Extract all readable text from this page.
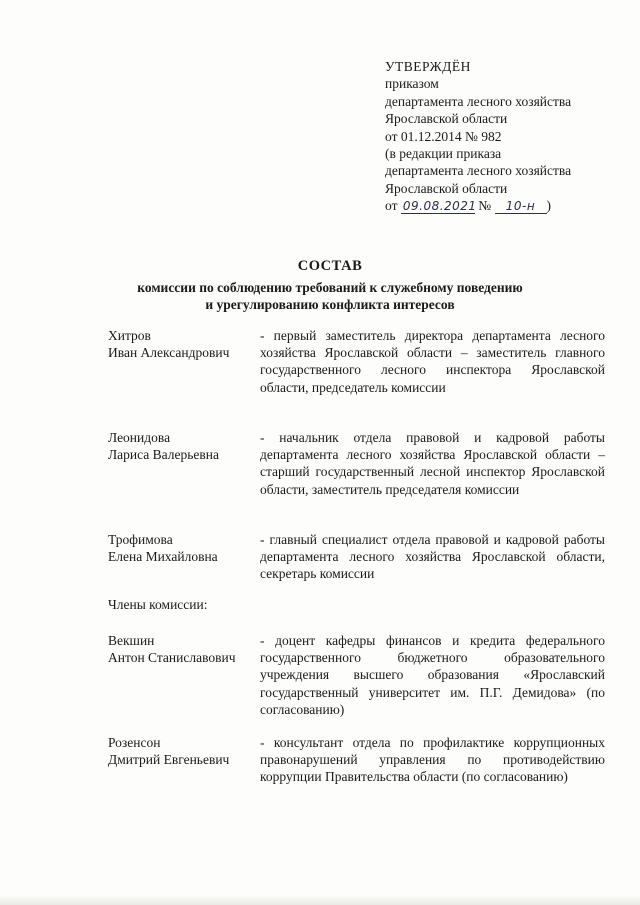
УТВЕРЖДЁН
приказом
департамента лесного хозяйства
Ярославской области
от 01.12.2014 № 982
(в редакции приказа
департамента лесного хозяйства
Ярославской области
от 09.08.2021 № 10-н )
СОСТАВ
комиссии по соблюдению требований к служебному поведению
и урегулированию конфликта интересов
Хитров
Иван Александрович
- первый заместитель директора департамента лесного хозяйства Ярославской области – заместитель главного государственного лесного инспектора Ярославской области, председатель комиссии
Леонидова
Лариса Валерьевна
- начальник отдела правовой и кадровой работы департамента лесного хозяйства Ярославской области – старший государственный лесной инспектор Ярославской области, заместитель председателя комиссии
Трофимова
Елена Михайловна
- главный специалист отдела правовой и кадровой работы департамента лесного хозяйства Ярославской области, секретарь комиссии
Члены комиссии:
Векшин
Антон Станиславович
- доцент кафедры финансов и кредита федерального государственного бюджетного образовательного учреждения высшего образования «Ярославский государственный университет им. П.Г. Демидова» (по согласованию)
Розенсон
Дмитрий Евгеньевич
- консультант отдела по профилактике коррупционных правонарушений управления по противодействию коррупции Правительства области (по согласованию)
